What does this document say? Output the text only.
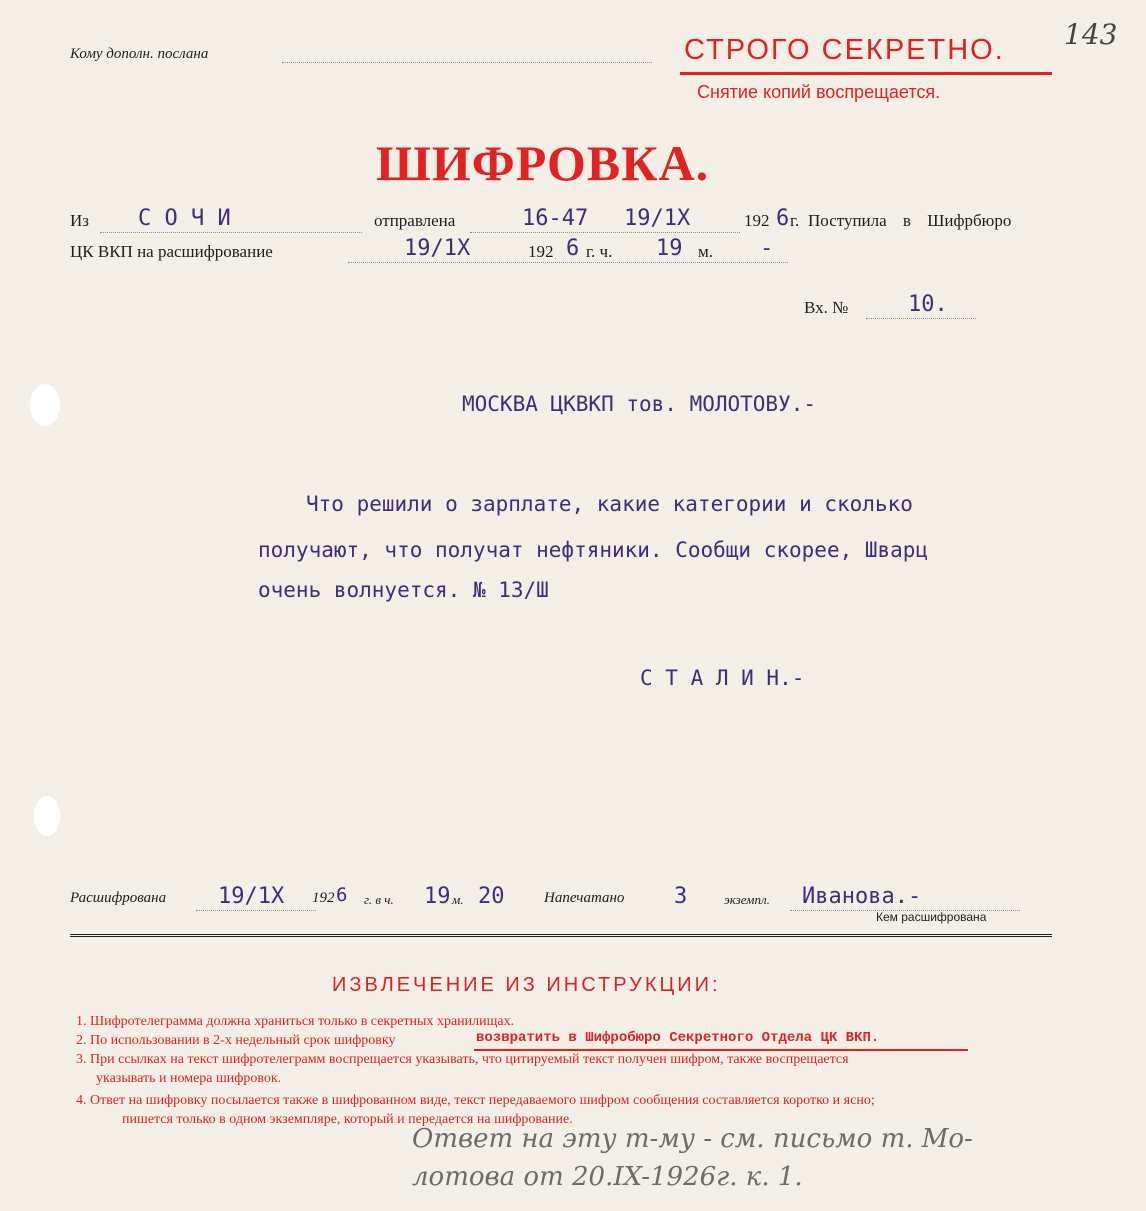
Кому дополн. послана	СТРОГО СЕКРЕТНО.
Снятие копий воспрещается.
143
ШИФРОВКА.
Из С О Ч И	отправлена	16-47 19/1Х	192 6 г. Поступила в Шифрбюро
ЦК ВКП на расшифрование	19/1Х	192 6 г. ч. 19 м. -
Вх. №	10.
МОСКВА ЦКВКП тов. МОЛОТОВУ.-
Что решили о зарплате, какие категории и сколько
получают, что получат нефтяники. Сообщи скорее, Шварц
очень волнуется. № 13/Ш
С Т А Л И Н.-
Расшифрована 19/1Х 192 6 г. в ч. 19 м. 20	Напечатано 3	экземпл. Иванова.-
Кем расшифрована
ИЗВЛЕЧЕНИЕ ИЗ ИНСТРУКЦИИ:
1. Шифротелеграмма должна храниться только в секретных хранилищах.
2. По использовании в 2-х недельный срок шифровку	возвратить в Шифробюро Секретного Отдела ЦК ВКП.
3. При ссылках на текст шифротелеграмм воспрещается указывать, что цитируемый текст получен шифром, также воспрещается
указывать и номера шифровок.
4. Ответ на шифровку посылается также в шифрованном виде, текст передаваемого шифром сообщения составляется коротко и ясно;
пишется только в одном экземпляре, который и передается на шифрование.
Ответ на эту т-му - см. письмо т. Мо-
лотова от 20.IX-1926г. к. 1.
